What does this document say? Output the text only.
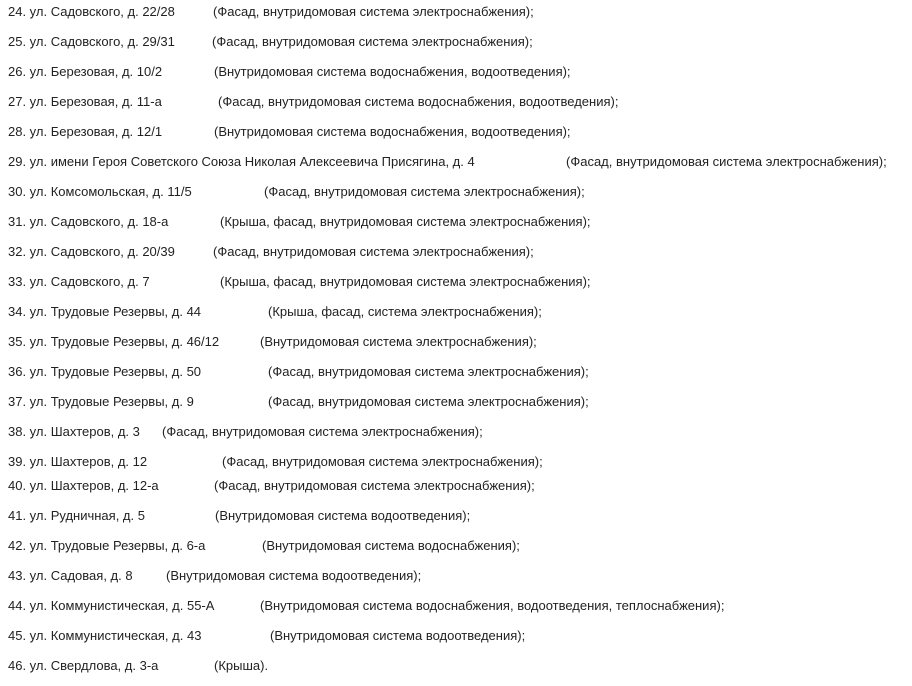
24. ул. Садовского, д. 22/28	(Фасад, внутридомовая система электроснабжения);
25. ул. Садовского, д. 29/31	(Фасад, внутридомовая система электроснабжения);
26. ул. Березовая, д. 10/2	(Внутридомовая система водоснабжения, водоотведения);
27. ул. Березовая, д. 11-а	(Фасад, внутридомовая система водоснабжения, водоотведения);
28. ул. Березовая, д. 12/1	(Внутридомовая система водоснабжения, водоотведения);
29. ул. имени Героя Советского Союза Николая Алексеевича Присягина, д. 4	(Фасад, внутридомовая система электроснабжения);
30. ул. Комсомольская, д. 11/5	(Фасад, внутридомовая система электроснабжения);
31. ул. Садовского, д. 18-а	(Крыша, фасад, внутридомовая система электроснабжения);
32. ул. Садовского, д. 20/39	(Фасад, внутридомовая система электроснабжения);
33. ул. Садовского, д. 7	(Крыша, фасад, внутридомовая система электроснабжения);
34. ул. Трудовые Резервы, д. 44	(Крыша, фасад, система электроснабжения);
35. ул. Трудовые Резервы, д. 46/12	(Внутридомовая система электроснабжения);
36. ул. Трудовые Резервы, д. 50	(Фасад, внутридомовая система электроснабжения);
37. ул. Трудовые Резервы, д. 9	(Фасад, внутридомовая система электроснабжения);
38. ул. Шахтеров, д. 3 (Фасад, внутридомовая система электроснабжения);
39. ул. Шахтеров, д. 12	(Фасад, внутридомовая система электроснабжения);
40. ул. Шахтеров, д. 12-а	(Фасад, внутридомовая система электроснабжения);
41. ул. Рудничная, д. 5	(Внутридомовая система водоотведения);
42. ул. Трудовые Резервы, д. 6-а	(Внутридомовая система водоснабжения);
43. ул. Садовая, д. 8	(Внутридомовая система водоотведения);
44. ул. Коммунистическая, д. 55-А	(Внутридомовая система водоснабжения, водоотведения, теплоснабжения);
45. ул. Коммунистическая, д. 43	(Внутридомовая система водоотведения);
46. ул. Свердлова, д. 3-а	(Крыша).
